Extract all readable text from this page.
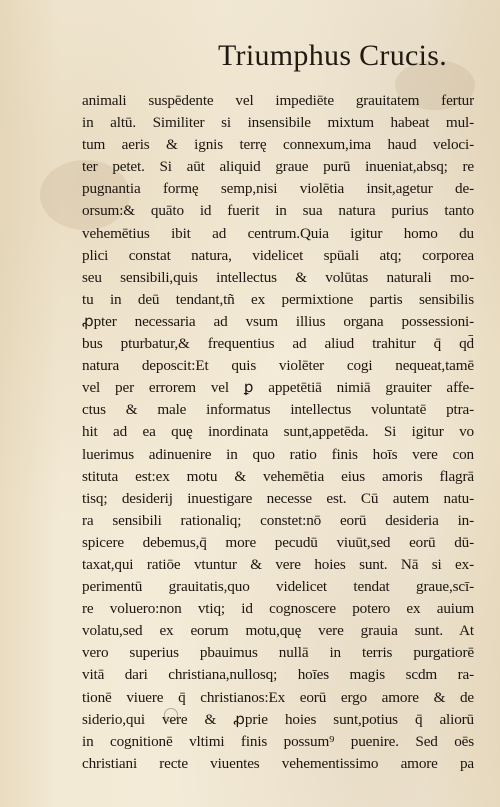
Triumphus Crucis.
animali suspēdente vel impediēte grauitatem fertur
in altū. Similiter si insensibile mixtum habeat mul-
tum aeris & ignis terrę connexum,ima haud veloci-
ter petet. Si aūt aliquid graue purū inueniat,absq; re
pugnantia formę semp,nisi violētia insit,agetur de-
orsum:& quāto id fuerit in sua natura purius tanto
vehemētius ibit ad centrum.Quia igitur homo du
plici constat natura, videlicet spūali atq; corporea
seu sensibili,quis intellectus & volūtas naturali mo-
tu in deū tendant,tñ ex permixtione partis sensibilis
ꝓpter necessaria ad vsum illius organa possessioni-
bus pturbatur,& frequentius ad aliud trahitur q̄ qd̄
natura deposcit:Et quis violēter cogi nequeat,tamē
vel per errorem vel ꝑ appetētiā nimiā grauiter affe-
ctus & male informatus intellectus voluntatē ptra-
hit ad ea quę inordinata sunt,appetēda. Si igitur vo
luerimus adinuenire in quo ratio finis hoīs vere con
stituta est:ex motu & vehemētia eius amoris flagrā
tisq; desiderij inuestigare necesse est. Cū autem natu-
ra sensibili rationaliq; constet:nō eorū desideria in-
spicere debemus,q̄ more pecudū viuūt,sed eorū dū-
taxat,qui ratiōe vtuntur & vere hoies sunt. Nā si ex-
perimentū grauitatis,quo videlicet tendat graue,scī-
re voluero:non vtiq; id cognoscere potero ex auium
volatu,sed ex eorum motu,quę vere grauia sunt. At
vero superius pbauimus nullā in terris purgatiorē
vitā dari christiana,nullosq; hoīes magis scdm ra-
tionē viuere q̄ christianos:Ex eorū ergo amore & de
siderio,qui vere & ꝓprie hoies sunt,potius q̄ aliorū
in cognitionē vltimi finis possum⁹ puenire. Sed oēs
christiani recte viuentes vehementissimo amore pa
